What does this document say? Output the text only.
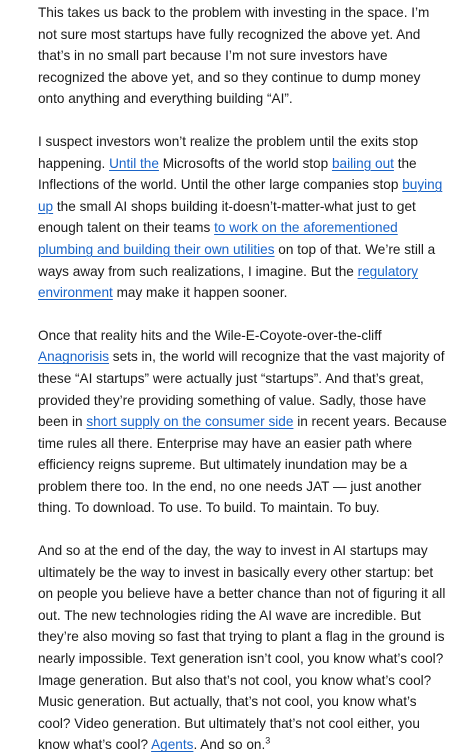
This takes us back to the problem with investing in the space. I’m not sure most startups have fully recognized the above yet. And that’s in no small part because I’m not sure investors have recognized the above yet, and so they continue to dump money onto anything and everything building “AI”.

I suspect investors won’t realize the problem until the exits stop happening. Until the Microsofts of the world stop bailing out the Inflections of the world. Until the other large companies stop buying up the small AI shops building it-doesn’t-matter-what just to get enough talent on their teams to work on the aforementioned plumbing and building their own utilities on top of that. We’re still a ways away from such realizations, I imagine. But the regulatory environment may make it happen sooner.

Once that reality hits and the Wile-E-Coyote-over-the-cliff Anagnorisis sets in, the world will recognize that the vast majority of these “AI startups” were actually just “startups”. And that’s great, provided they’re providing something of value. Sadly, those have been in short supply on the consumer side in recent years. Because time rules all there. Enterprise may have an easier path where efficiency reigns supreme. But ultimately inundation may be a problem there too. In the end, no one needs JAT — just another thing. To download. To use. To build. To maintain. To buy.

And so at the end of the day, the way to invest in AI startups may ultimately be the way to invest in basically every other startup: bet on people you believe have a better chance than not of figuring it all out. The new technologies riding the AI wave are incredible. But they’re also moving so fast that trying to plant a flag in the ground is nearly impossible. Text generation isn’t cool, you know what’s cool? Image generation. But also that’s not cool, you know what’s cool? Music generation. But actually, that’s not cool, you know what’s cool? Video generation. But ultimately that’s not cool either, you know what’s cool? Agents. And so on.$^3$
